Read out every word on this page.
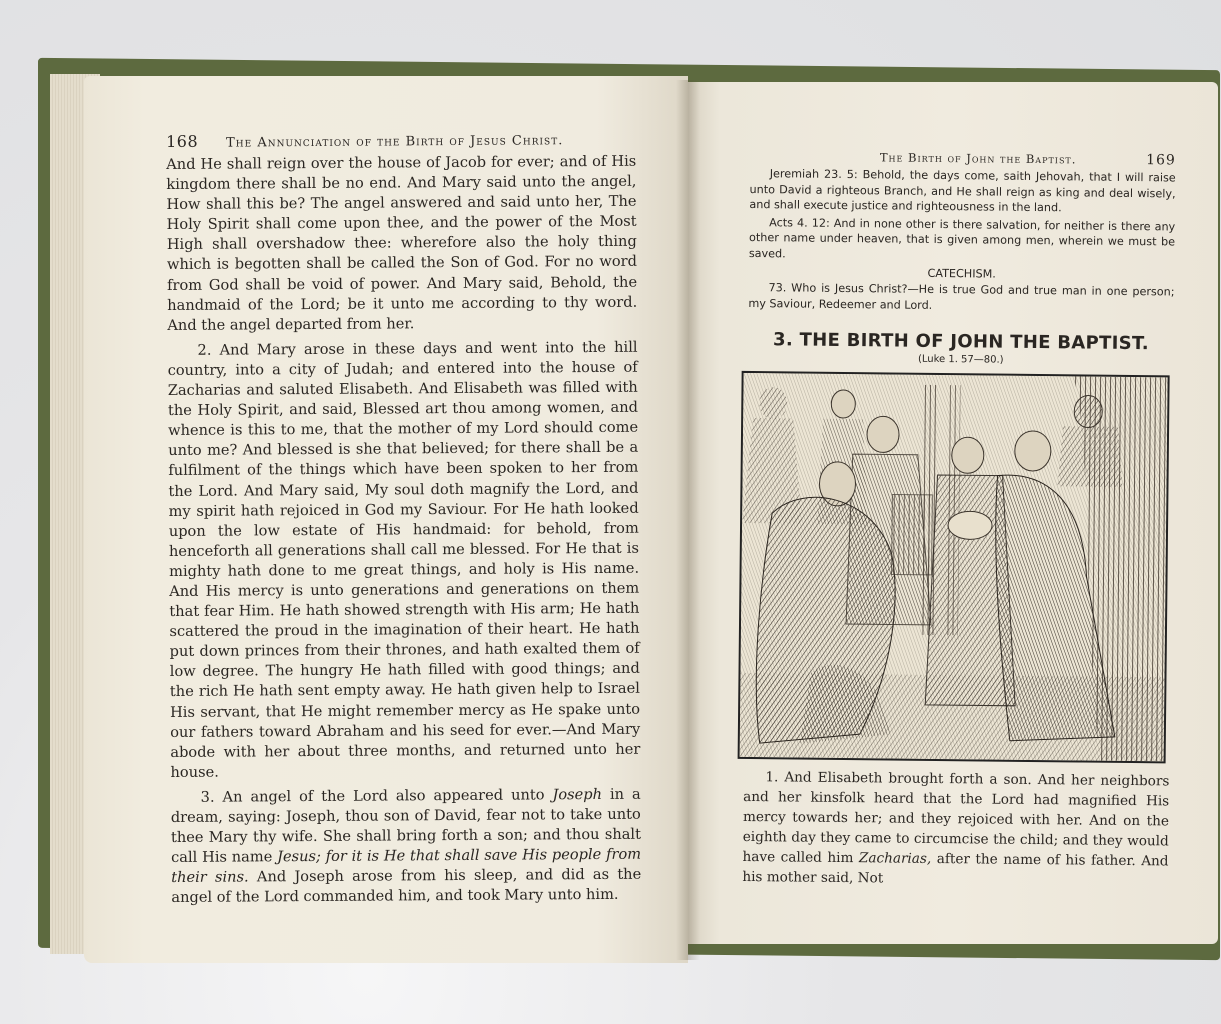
168	The Annunciation of the Birth of Jesus Christ.

And He shall reign over the house of Jacob for ever; and of His kingdom there shall be no end. And Mary said unto the angel, How shall this be? The angel answered and said unto her, The Holy Spirit shall come upon thee, and the power of the Most High shall overshadow thee: wherefore also the holy thing which is begotten shall be called the Son of God. For no word from God shall be void of power. And Mary said, Behold, the handmaid of the Lord; be it unto me according to thy word. And the angel departed from her.

2. And Mary arose in these days and went into the hill country, into a city of Judah; and entered into the house of Zacharias and saluted Elisabeth. And Elisabeth was filled with the Holy Spirit, and said, Blessed art thou among women, and whence is this to me, that the mother of my Lord should come unto me? And blessed is she that believed; for there shall be a fulfilment of the things which have been spoken to her from the Lord. And Mary said, My soul doth magnify the Lord, and my spirit hath rejoiced in God my Saviour. For He hath looked upon the low estate of His handmaid: for behold, from henceforth all generations shall call me blessed. For He that is mighty hath done to me great things, and holy is His name. And His mercy is unto generations and generations on them that fear Him. He hath showed strength with His arm; He hath scattered the proud in the imagination of their heart. He hath put down princes from their thrones, and hath exalted them of low degree. The hungry He hath filled with good things; and the rich He hath sent empty away. He hath given help to Israel His servant, that He might remember mercy as He spake unto our fathers toward Abraham and his seed for ever.—And Mary abode with her about three months, and returned unto her house.

3. An angel of the Lord also appeared unto Joseph in a dream, saying: Joseph, thou son of David, fear not to take unto thee Mary thy wife. She shall bring forth a son; and thou shalt call His name Jesus; for it is He that shall save His people from their sins. And Joseph arose from his sleep, and did as the angel of the Lord commanded him, and took Mary unto him.

The Birth of John the Baptist.	169

Jeremiah 23. 5: Behold, the days come, saith Jehovah, that I will raise unto David a righteous Branch, and He shall reign as king and deal wisely, and shall execute justice and righteousness in the land.

Acts 4. 12: And in none other is there salvation, for neither is there any other name under heaven, that is given among men, wherein we must be saved.

CATECHISM.

73. Who is Jesus Christ?—He is true God and true man in one person; my Saviour, Redeemer and Lord.

3. THE BIRTH OF JOHN THE BAPTIST.
(Luke 1. 57—80.)

1. And Elisabeth brought forth a son. And her neighbors and her kinsfolk heard that the Lord had magnified His mercy towards her; and they rejoiced with her. And on the eighth day they came to circumcise the child; and they would have called him Zacharias, after the name of his father. And his mother said, Not
